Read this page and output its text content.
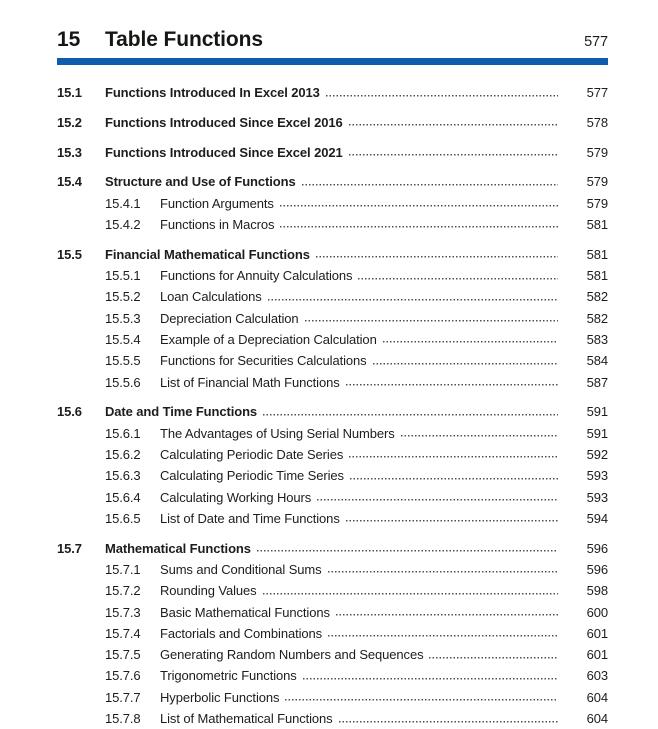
15	Table Functions	577
15.1	Functions Introduced In Excel 2013	577
15.2	Functions Introduced Since Excel 2016	578
15.3	Functions Introduced Since Excel 2021	579
15.4	Structure and Use of Functions	579
15.4.1	Function Arguments	579
15.4.2	Functions in Macros	581
15.5	Financial Mathematical Functions	581
15.5.1	Functions for Annuity Calculations	581
15.5.2	Loan Calculations	582
15.5.3	Depreciation Calculation	582
15.5.4	Example of a Depreciation Calculation	583
15.5.5	Functions for Securities Calculations	584
15.5.6	List of Financial Math Functions	587
15.6	Date and Time Functions	591
15.6.1	The Advantages of Using Serial Numbers	591
15.6.2	Calculating Periodic Date Series	592
15.6.3	Calculating Periodic Time Series	593
15.6.4	Calculating Working Hours	593
15.6.5	List of Date and Time Functions	594
15.7	Mathematical Functions	596
15.7.1	Sums and Conditional Sums	596
15.7.2	Rounding Values	598
15.7.3	Basic Mathematical Functions	600
15.7.4	Factorials and Combinations	601
15.7.5	Generating Random Numbers and Sequences	601
15.7.6	Trigonometric Functions	603
15.7.7	Hyperbolic Functions	604
15.7.8	List of Mathematical Functions	604
